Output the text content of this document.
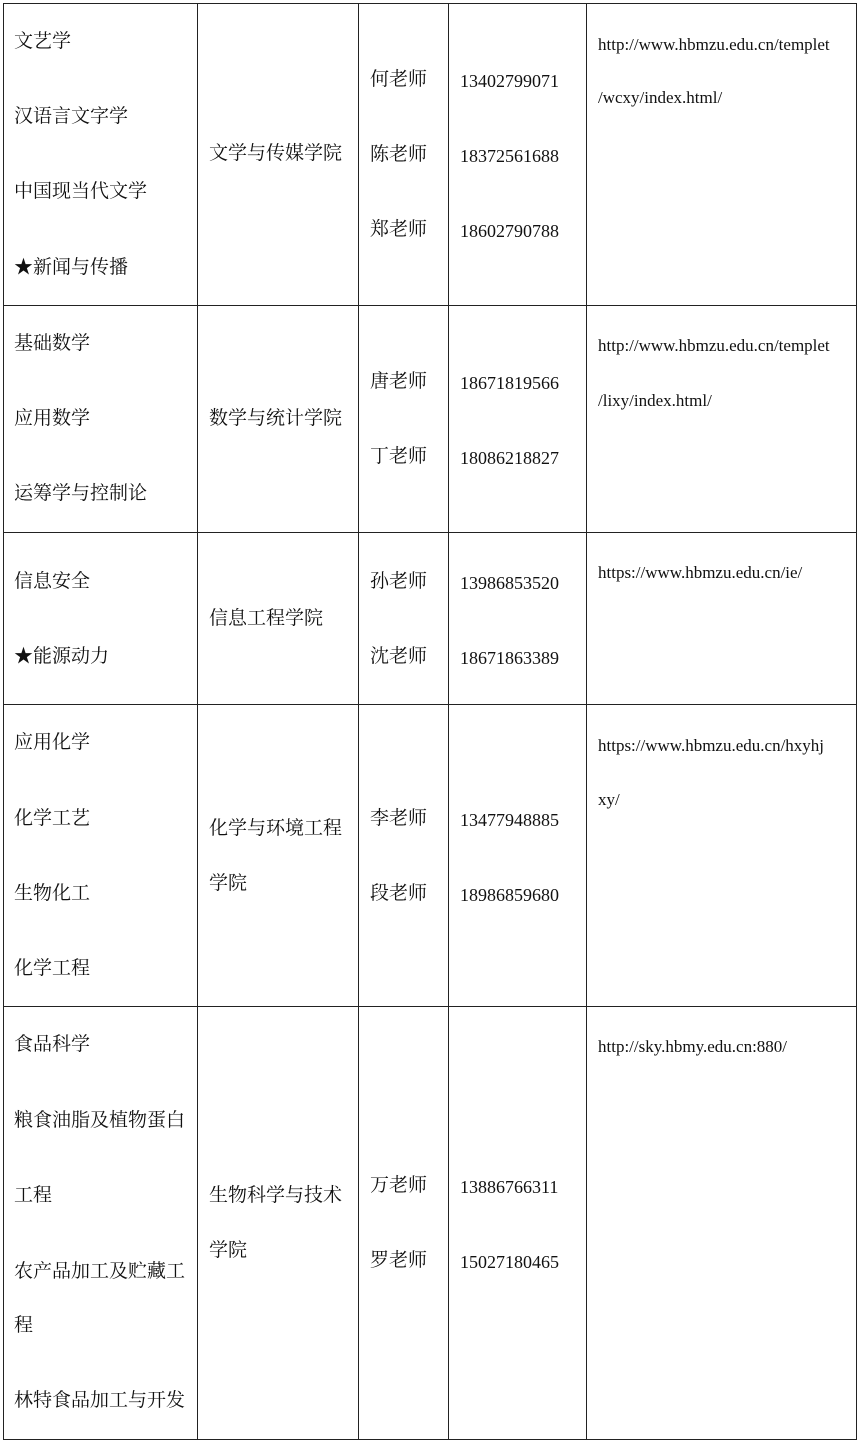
文艺学
汉语言文字学
中国现当代文学
★新闻与传播
文学与传媒学院
何老师
陈老师
郑老师
13402799071
18372561688
18602790788
http://www.hbmzu.edu.cn/templet
/wcxy/index.html/
基础数学
应用数学
运筹学与控制论
数学与统计学院
唐老师
丁老师
18671819566
18086218827
http://www.hbmzu.edu.cn/templet
/lixy/index.html/
信息安全
★能源动力
信息工程学院
孙老师
沈老师
13986853520
18671863389
https://www.hbmzu.edu.cn/ie/
应用化学
化学工艺
生物化工
化学工程
化学与环境工程
学院
李老师
段老师
13477948885
18986859680
https://www.hbmzu.edu.cn/hxyhj
xy/
食品科学
粮食油脂及植物蛋白
工程
农产品加工及贮藏工
程
林特食品加工与开发
生物科学与技术
学院
万老师
罗老师
13886766311
15027180465
http://sky.hbmy.edu.cn:880/
